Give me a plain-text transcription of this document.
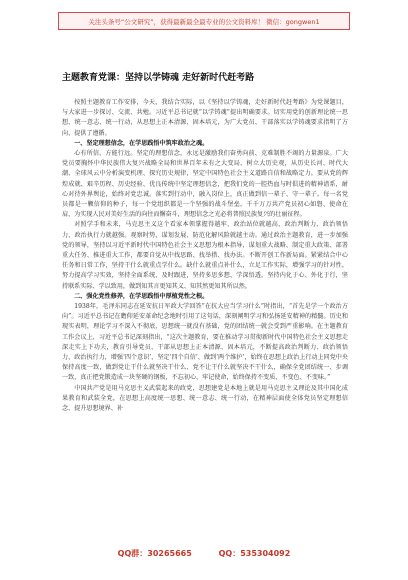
关注头条号“公文研究”，获得最新最全最专业的公文资料库！ 微信：gongwen1
主题教育党课：坚持以学铸魂 走好新时代赶考路

按照主题教育工作安排，今天，我结合实际，以《坚持以学铸魂，走好新时代赶考路》为党课题目，与大家进一步探讨、交流、共勉。习近平总书记就“以学铸魂”提出明确要求。切实用党的创新理论统一思想、统一意志、统一行动，从思想上正本清源、固本培元，为广大党员、干部落实以学铸魂要求指明了方向、提供了遵循。

一、坚定理想信念，在学思践悟中筑牢政治之魂。

心有所信，方能行远。坚定的理想信念，永远是激励我们奋勇向前、克难制胜不竭的力量源泉。广大党员要胸怀中华民族伟大复兴战略全局和世界百年未有之大变局，树立大历史观，从历史长河、时代大潮、全球风云中分析演变机理、探究历史规律，坚定中国特色社会主义道路自信和战略定力。要从党的辉煌成就、艰辛历程、历史经验、优良传统中坚定理想信念，把我们党的一腔热血与时俱进的精神谱系，耐心对待外界舆论，始终对党忠诚。落实到行动中，融入岗位上，真正做到信一辈子、守一辈子。每一名党员都是一颗信仰的种子，每一个党组织都是一个坚强的战斗堡垒。千千万万共产党员初心如磐、使命在肩，为实现人民对美好生活的向往而懈奋斗，理想信念之光必将普照民族复兴的壮丽征程。

对照学手和未来，马克思主义这个看家本领掌握得越牢，政治站位就越高、政治判断力、政治领悟力、政治执行力就越强。观察时势、谋划发展、防范化解风险就越主动。通过政治主题教育，进一步加强党的领导，坚持以习近平新时代中国特色社会主义思想为根本指导，谋划重大战略、制定重大政策、部署重大任务、推进重大工作，都要自觉从中找思路、找举措、找办法。不断开创工作新局面。紧紧结合中心任务和日常工作，坚持干什么就重点学什么。缺什么就重点补什么，立足工作实际，增强学习的针对性，努力提高学习实效，坚持全面系统、及时跟进，坚持多思多想、学深悟透，坚持内化于心、外化于行，坚持联系实际、学以致用，做到知其言更知其义、知其然更知其所以然。

二、强化党性修养，在学思践悟中厚植党性之根。

1938年，毛泽东同志在延安抗日军政大学回答“在抗大应当学习什么”时指出，“首先是学一个政治方向”。习近平总书记在瞻仰延安革命纪念地时引用了这句话，深刻阐明学习和弘扬延安精神的精髓。历史和现实表明，理论学习不深入不彻底，思想统一就没有基础，党的团结统一就会受到严重影响。在主题教育工作会议上，习近平总书记深刻指出，“这次主题教育，要在推动学习贯彻新时代中国特色社会主义思想走深走实上下功夫，教育引导党员、干部从思想上正本清源、固本培元，不断提高政治判断力、政治领悟力、政治执行力，增强‘四个意识’、坚定‘四个自信’、做到‘两个维护’，始终在思想上政治上行动上同党中央保持高度一致，做到党让干什么就坚决干什么、党不让干什么就坚决不干什么，确保全党团结统一、步调一致，真正把党锻造成一块坚硬的钢板，不忘初心、牢记使命，始终保持不变质、不变色、不变味。”

中国共产党是用马克思主义武装起来的政党，思想建党是本地上就是用马克思主义理论及其中国化成果教育和武装全党，在思想上高度统一思想、统一意志、统一行动，在精神层面使全体党员坚定理想信念、提升思想境界、补

QQ群：30265665	QQ：535304092
